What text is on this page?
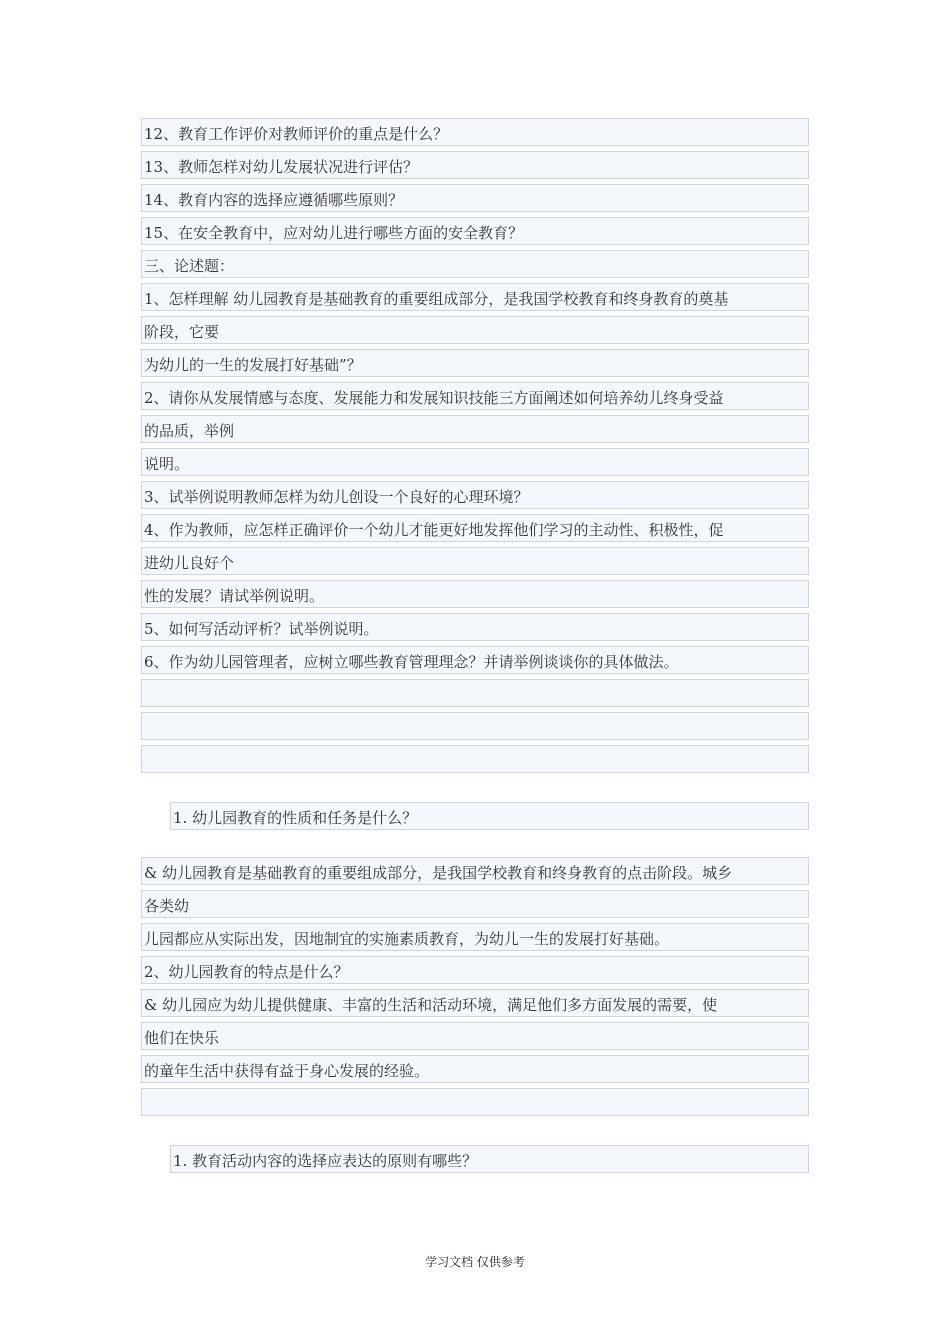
12、教育工作评价对教师评价的重点是什么？
13、教师怎样对幼儿发展状况进行评估？
14、教育内容的选择应遵循哪些原则？
15、在安全教育中，应对幼儿进行哪些方面的安全教育？
三、论述题：
1、怎样理解 幼儿园教育是基础教育的重要组成部分，是我国学校教育和终身教育的奠基
阶段，它要
为幼儿的一生的发展打好基础”？
2、请你从发展情感与态度、发展能力和发展知识技能三方面阐述如何培养幼儿终身受益
的品质，举例
说明。
3、试举例说明教师怎样为幼儿创设一个良好的心理环境？
4、作为教师，应怎样正确评价一个幼儿才能更好地发挥他们学习的主动性、积极性，促
进幼儿良好个
性的发展？请试举例说明。
5、如何写活动评析？试举例说明。
6、作为幼儿园管理者，应树立哪些教育管理理念？并请举例谈谈你的具体做法。
1. 幼儿园教育的性质和任务是什么？
& 幼儿园教育是基础教育的重要组成部分，是我国学校教育和终身教育的点击阶段。城乡
各类幼
儿园都应从实际出发，因地制宜的实施素质教育，为幼儿一生的发展打好基础。
2、幼儿园教育的特点是什么？
& 幼儿园应为幼儿提供健康、丰富的生活和活动环境，满足他们多方面发展的需要，使
他们在快乐
的童年生活中获得有益于身心发展的经验。
1. 教育活动内容的选择应表达的原则有哪些？
学习文档 仅供参考
